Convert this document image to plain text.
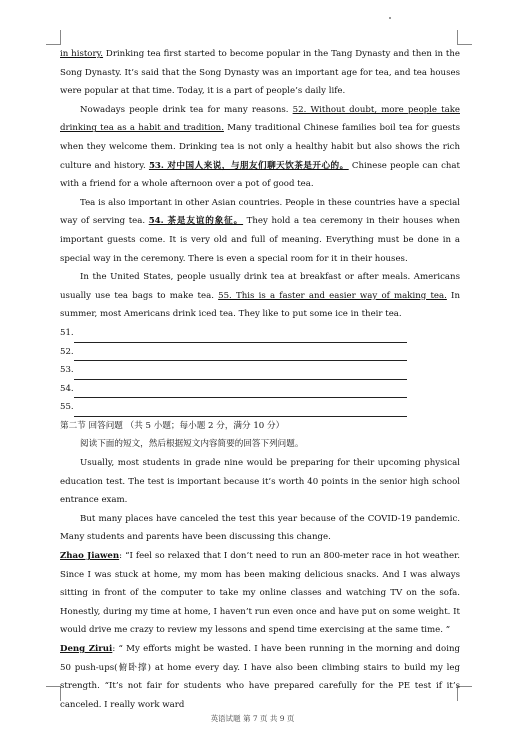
in history. Drinking tea first started to become popular in the Tang Dynasty and then in the Song Dynasty. It’s said that the Song Dynasty was an important age for tea, and tea houses were popular at that time. Today, it is a part of people’s daily life.

Nowadays people drink tea for many reasons. 52. Without doubt, more people take drinking tea as a habit and tradition. Many traditional Chinese families boil tea for guests when they welcome them. Drinking tea is not only a healthy habit but also shows the rich culture and history. 53. 对中国人来说，与朋友们聊天饮茶是开心的。 Chinese people can chat with a friend for a whole afternoon over a pot of good tea.

Tea is also important in other Asian countries. People in these countries have a special way of serving tea. 54. 茶是友谊的象征。 They hold a tea ceremony in their houses when important guests come. It is very old and full of meaning. Everything must be done in a special way in the ceremony. There is even a special room for it in their houses.

In the United States, people usually drink tea at breakfast or after meals. Americans usually use tea bags to make tea. 55. This is a faster and easier way of making tea. In summer, most Americans drink iced tea. They like to put some ice in their tea.

51.
52.
53.
54.
55.

第二节 回答问题 （共 5 小题；每小题 2 分，满分 10 分）

阅读下面的短文，然后根据短文内容简要的回答下列问题。

Usually, most students in grade nine would be preparing for their upcoming physical education test. The test is important because it’s worth 40 points in the senior high school entrance exam.

But many places have canceled the test this year because of the COVID-19 pandemic. Many students and parents have been discussing this change.

Zhao Jiawen: “I feel so relaxed that I don’t need to run an 800-meter race in hot weather. Since I was stuck at home, my mom has been making delicious snacks. And I was always sitting in front of the computer to take my online classes and watching TV on the sofa. Honestly, during my time at home, I haven’t run even once and have put on some weight. It would drive me crazy to review my lessons and spend time exercising at the same time. ”

Deng Zirui: “ My efforts might be wasted. I have been running in the morning and doing 50 push-ups(俯卧撑) at home every day. I have also been climbing stairs to build my leg strength. “It’s not fair for students who have prepared carefully for the PE test if it’s canceled. I really work ward

英语试题 第 7 页 共 9 页
